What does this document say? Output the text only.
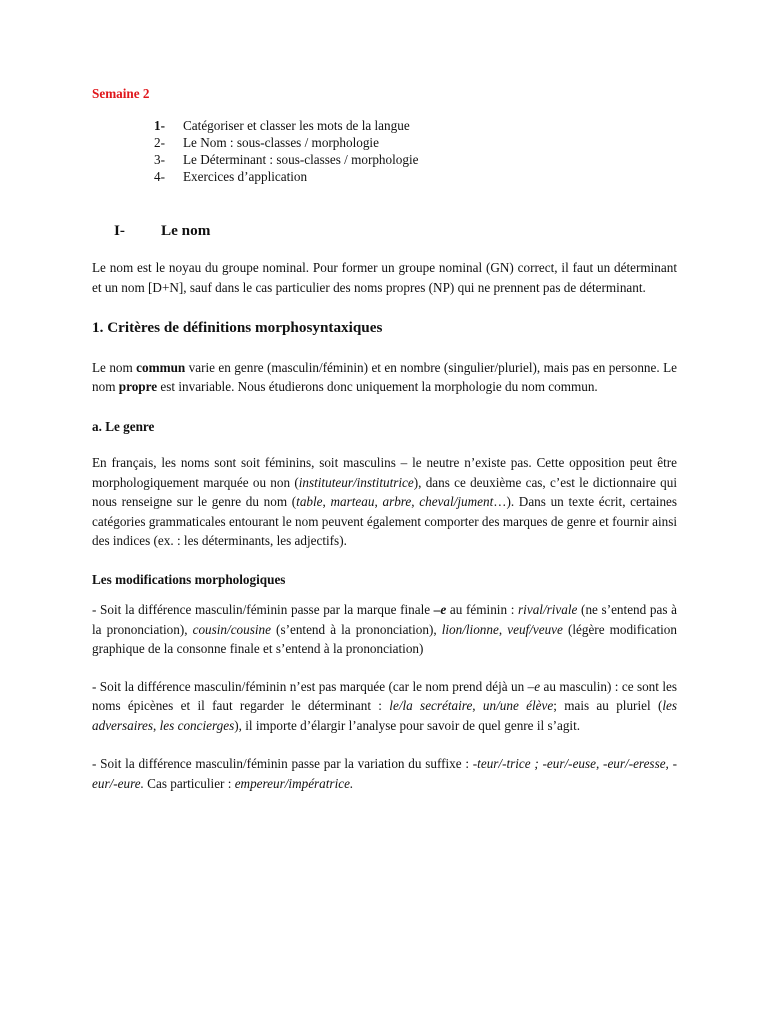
Semaine 2

1-	Catégoriser et classer les mots de la langue
2-	Le Nom : sous-classes / morphologie
3-	Le Déterminant : sous-classes / morphologie
4-	Exercices d’application
I-	Le nom

Le nom est le noyau du groupe nominal. Pour former un groupe nominal (GN) correct, il faut un déterminant et un nom [D+N], sauf dans le cas particulier des noms propres (NP) qui ne prennent pas de déterminant.

1. Critères de définitions morphosyntaxiques

Le nom commun varie en genre (masculin/féminin) et en nombre (singulier/pluriel), mais pas en personne. Le nom propre est invariable. Nous étudierons donc uniquement la morphologie du nom commun.

a. Le genre

En français, les noms sont soit féminins, soit masculins – le neutre n’existe pas. Cette opposition peut être morphologiquement marquée ou non (instituteur/institutrice), dans ce deuxième cas, c’est le dictionnaire qui nous renseigne sur le genre du nom (table, marteau, arbre, cheval/jument…). Dans un texte écrit, certaines catégories grammaticales entourant le nom peuvent également comporter des marques de genre et fournir ainsi des indices (ex. : les déterminants, les adjectifs).

Les modifications morphologiques

- Soit la différence masculin/féminin passe par la marque finale –e au féminin : rival/rivale (ne s’entend pas à la prononciation), cousin/cousine (s’entend à la prononciation), lion/lionne, veuf/veuve (légère modification graphique de la consonne finale et s’entend à la prononciation)

- Soit la différence masculin/féminin n’est pas marquée (car le nom prend déjà un –e au masculin) : ce sont les noms épicènes et il faut regarder le déterminant : le/la secrétaire, un/une élève; mais au pluriel (les adversaires, les concierges), il importe d’élargir l’analyse pour savoir de quel genre il s’agit.

- Soit la différence masculin/féminin passe par la variation du suffixe : -teur/-trice ; -eur/-euse, -eur/-eresse, -eur/-eure. Cas particulier : empereur/impératrice.
